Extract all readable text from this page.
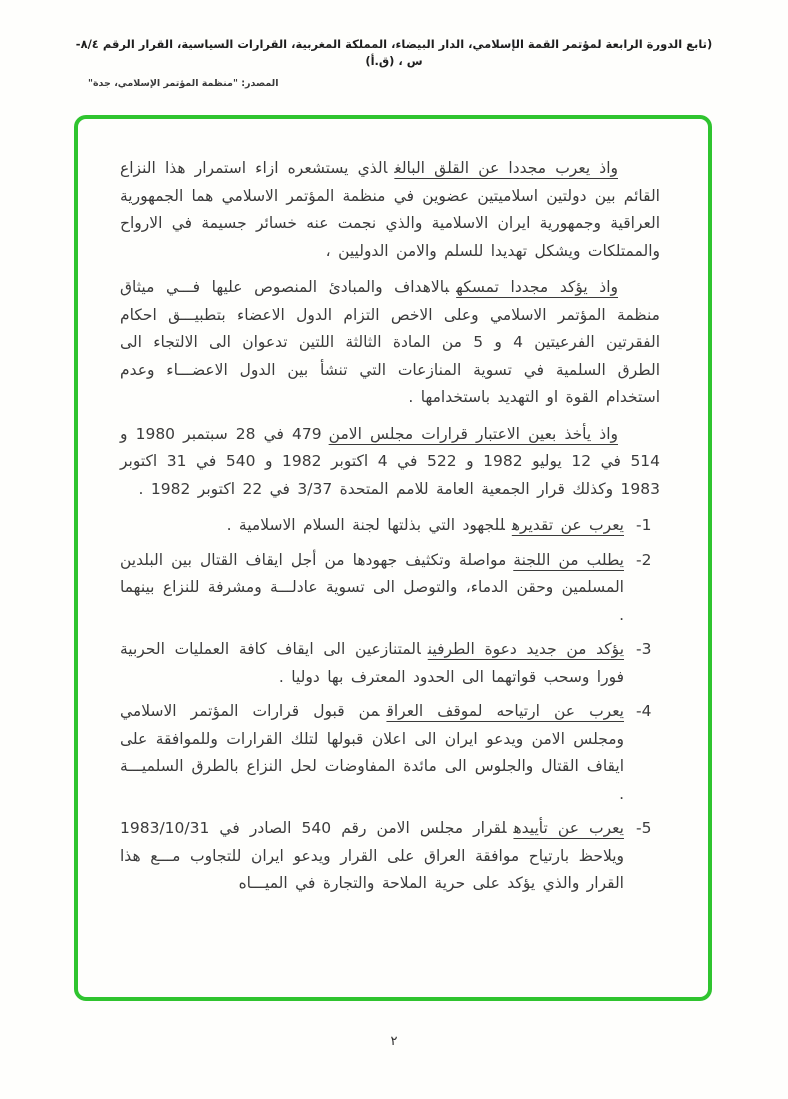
(تابع الدورة الرابعة لمؤتمر القمة الإسلامي، الدار البيضاء، المملكة المغربية، القرارات السياسية، القرار الرقم ٨/٤-س ، (ق.أ)
المصدر: "منظمة المؤتمر الإسلامي، جدة"

واذ يعرب مجددا عن القلق البالغالذي يستشعره ازاء استمرار هذا النزاع القائم بين دولتين اسلاميتين عضوين في منظمة المؤتمر الاسلامي هما الجمهورية العراقية وجمهورية ايران الاسلامية والذي نجمت عنه خسائر جسيمة في الارواح والممتلكات ويشكل تهديدا للسلم والامن الدوليين ،

واذ يؤكد مجددا تمسكهبالاهداف والمبادئ المنصوص عليها فـــي ميثاق منظمة المؤتمر الاسلامي وعلى الاخص التزام الدول الاعضاء بتطبيـــق احكام الفقرتين الفرعيتين 4 و 5 من المادة الثالثة اللتين تدعوان الى الالتجاء الى الطرق السلمية في تسوية المنازعات التي تنشأ بين الدول الاعضـــاء وعدم استخدام القوة او التهديد باستخدامها .

واذ يأخذ بعين الاعتبار قرارات مجلس الامن479 في 28 سبتمبر 1980 و 514 في 12 يوليو 1982 و 522 في 4 اكتوبر 1982 و 540 في 31 اكتوبر 1983 وكذلك قرار الجمعية العامة للامم المتحدة 3/37 في 22 اكتوبر 1982 .

-1

يعرب عن تقديرهللجهود التي بذلتها لجنة السلام الاسلامية .

-2

يطلب من اللجنةمواصلة وتكثيف جهودها من أجل ايقاف القتال بين البلدين المسلمين وحقن الدماء، والتوصل الى تسوية عادلـــة ومشرفة للنزاع بينهما .

-3

يؤكد من جديد دعوة الطرفينالمتنازعين الى ايقاف كافة العمليات الحربية فورا وسحب قواتهما الى الحدود المعترف بها دوليا .

-4

يعرب عن ارتياحه لموقف العراقمن قبول قرارات المؤتمر الاسلامي ومجلس الامن ويدعو ايران الى اعلان قبولها لتلك القرارات وللموافقة على ايقاف القتال والجلوس الى مائدة المفاوضات لحل النزاع بالطرق السلميـــة .

-5

يعرب عن تأييدهلقرار مجلس الامن رقم 540 الصادر في 1983/10/31 ويلاحظ بارتياح موافقة العراق على القرار ويدعو ايران للتجاوب مـــع هذا القرار والذي يؤكد على حرية الملاحة والتجارة في الميـــاه

٢
